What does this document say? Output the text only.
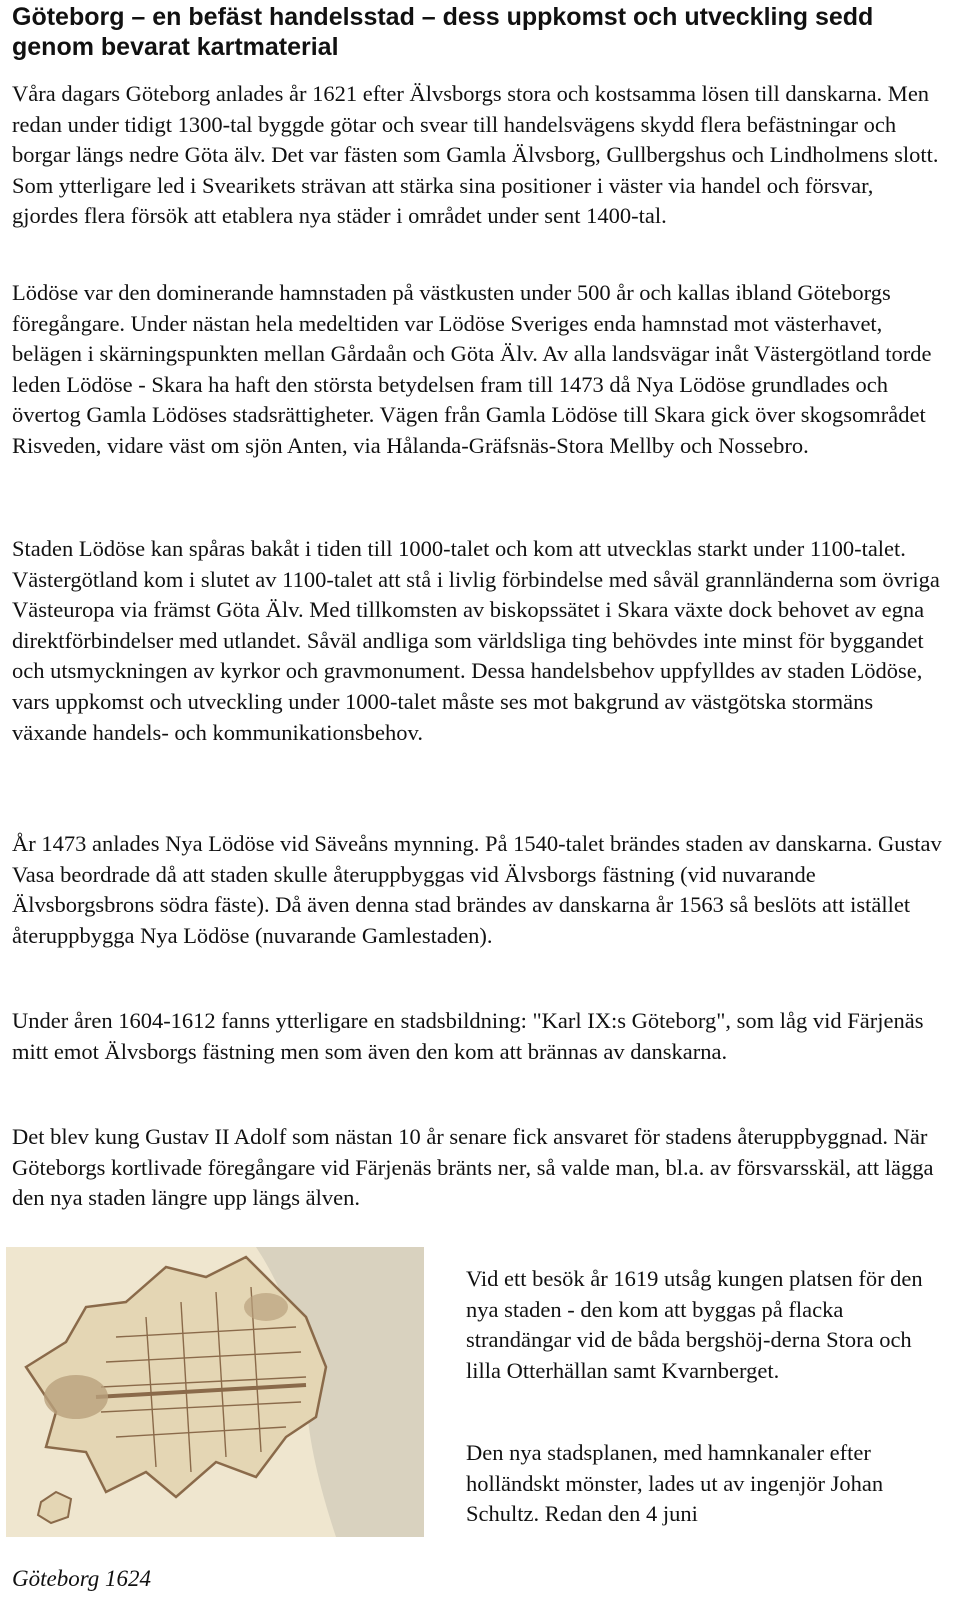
Göteborg – en befäst handelsstad – dess uppkomst och utveckling sedd genom bevarat kartmaterial

Våra dagars Göteborg anlades år 1621 efter Älvsborgs stora och kostsamma lösen till danskarna. Men redan under tidigt 1300-tal byggde götar och svear till handelsvägens skydd flera befästningar och borgar längs nedre Göta älv. Det var fästen som Gamla Älvsborg, Gullbergshus och Lindholmens slott. Som ytterligare led i Svearikets strävan att stärka sina positioner i väster via handel och försvar, gjordes flera försök att etablera nya städer i området under sent 1400-tal.

Lödöse var den dominerande hamnstaden på västkusten under 500 år och kallas ibland Göteborgs föregångare. Under nästan hela medeltiden var Lödöse Sveriges enda hamnstad mot västerhavet, belägen i skärningspunkten mellan Gårdaån och Göta Älv. Av alla landsvägar inåt Västergötland torde leden Lödöse - Skara ha haft den största betydelsen fram till 1473 då Nya Lödöse grundlades och övertog Gamla Lödöses stadsrättigheter. Vägen från Gamla Lödöse till Skara gick över skogsområdet Risveden, vidare väst om sjön Anten, via Hålanda-Gräfsnäs-Stora Mellby och Nossebro.

Staden Lödöse kan spåras bakåt i tiden till 1000-talet och kom att utvecklas starkt under 1100-talet. Västergötland kom i slutet av 1100-talet att stå i livlig förbindelse med såväl grannländerna som övriga Västeuropa via främst Göta Älv. Med tillkomsten av biskopssätet i Skara växte dock behovet av egna direktförbindelser med utlandet. Såväl andliga som världsliga ting behövdes inte minst för byggandet och utsmyckningen av kyrkor och gravmonument. Dessa handelsbehov uppfylldes av staden Lödöse, vars uppkomst och utveckling under 1000-talet måste ses mot bakgrund av västgötska stormäns växande handels- och kommunikationsbehov.

År 1473 anlades Nya Lödöse vid Säveåns mynning. På 1540-talet brändes staden av danskarna. Gustav Vasa beordrade då att staden skulle återuppbyggas vid Älvsborgs fästning (vid nuvarande Älvsborgsbrons södra fäste). Då även denna stad brändes av danskarna år 1563 så beslöts att istället återuppbygga Nya Lödöse (nuvarande Gamlestaden).

Under åren 1604-1612 fanns ytterligare en stadsbildning: "Karl IX:s Göteborg", som låg vid Färjenäs mitt emot Älvsborgs fästning men som även den kom att brännas av danskarna.

Det blev kung Gustav II Adolf som nästan 10 år senare fick ansvaret för stadens återuppbyggnad. När Göteborgs kortlivade föregångare vid Färjenäs bränts ner, så valde man, bl.a. av försvarsskäl, att lägga den nya staden längre upp längs älven.

Göteborg 1624

Vid ett besök år 1619 utsåg kungen platsen för den nya staden - den kom att byggas på flacka strandängar vid de båda bergshöj-derna Stora och lilla Otterhällan samt Kvarnberget.

Den nya stadsplanen, med hamnkanaler efter holländskt mönster, lades ut av ingenjör Johan Schultz. Redan den 4 juni
